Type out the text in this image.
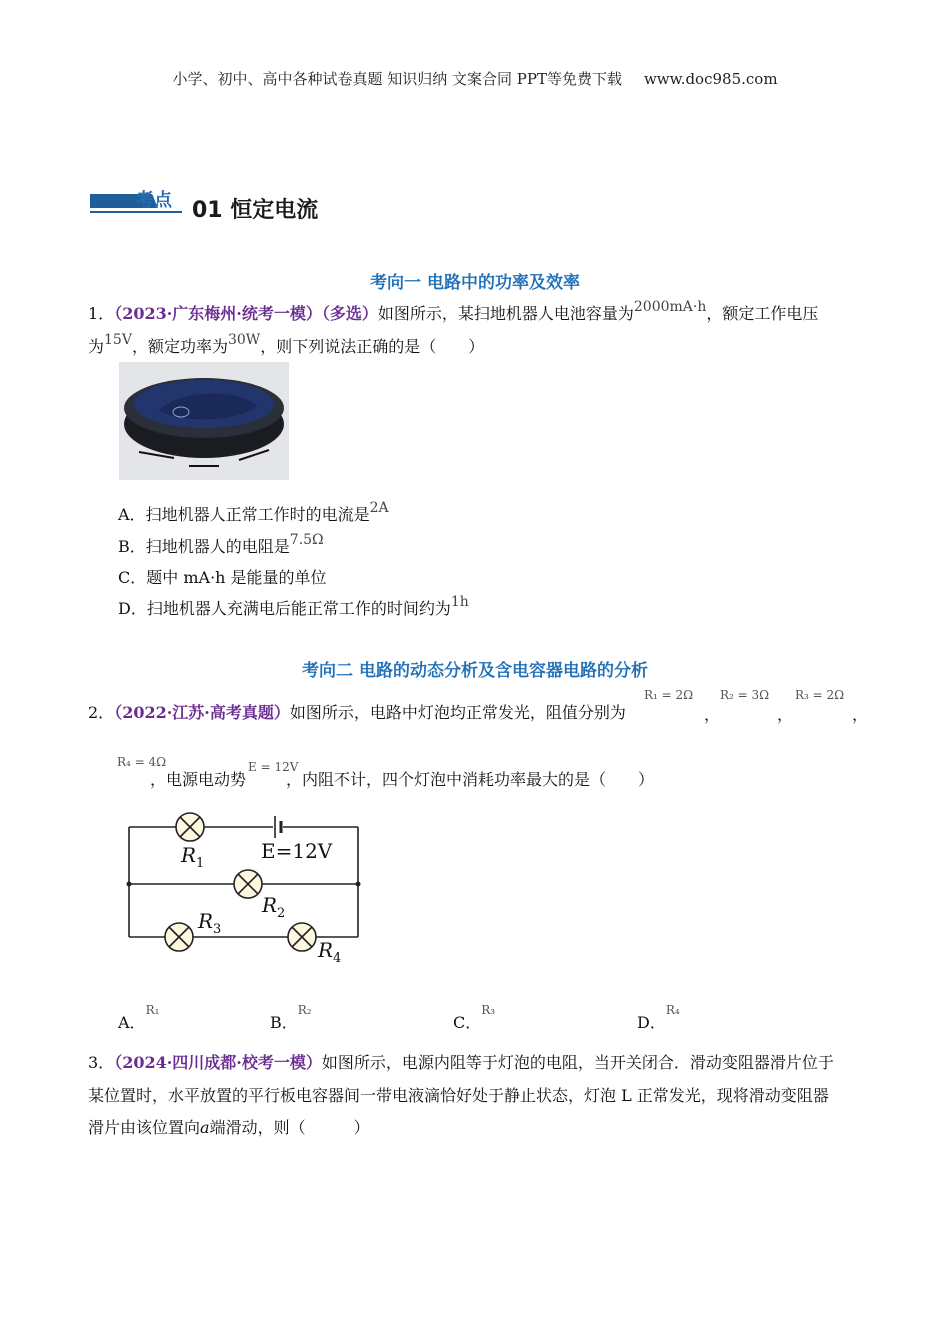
小学、初中、高中各种试卷真题 知识归纳 文案合同 PPT等免费下载 www.doc985.com
考点 01 恒定电流
考向一 电路中的功率及效率
1．（2023·广东梅州·统考一模）（多选）如图所示，某扫地机器人电池容量为2000mA·h，额定工作电压
为15V，额定功率为30W，则下列说法正确的是（　　）
A．扫地机器人正常工作时的电流是2A
B．扫地机器人的电阻是7.5Ω
C．题中 mA·h 是能量的单位
D．扫地机器人充满电后能正常工作的时间约为1h
考向二 电路的动态分析及含电容器电路的分析
2．（2022·江苏·高考真题）如图所示，电路中灯泡均正常发光，阻值分别为
R₁ = 2Ω
，
R₂ = 3Ω
，
R₃ = 2Ω
，
R₄ = 4Ω
，电源电动势	，内阻不计，四个灯泡中消耗功率最大的是（　　）
E = 12V
R 1
R 2
R 3
R 4
E=12V
A．$^{R_1}$
B．$^{R_2}$
C．$^{R_3}$
D．$^{R_4}$
3．（2024·四川成都·校考一模）如图所示，电源内阻等于灯泡的电阻，当开关闭合．滑动变阻器滑片位于
某位置时，水平放置的平行板电容器间一带电液滴恰好处于静止状态，灯泡 L 正常发光，现将滑动变阻器
滑片由该位置向a端滑动，则（　　　）
